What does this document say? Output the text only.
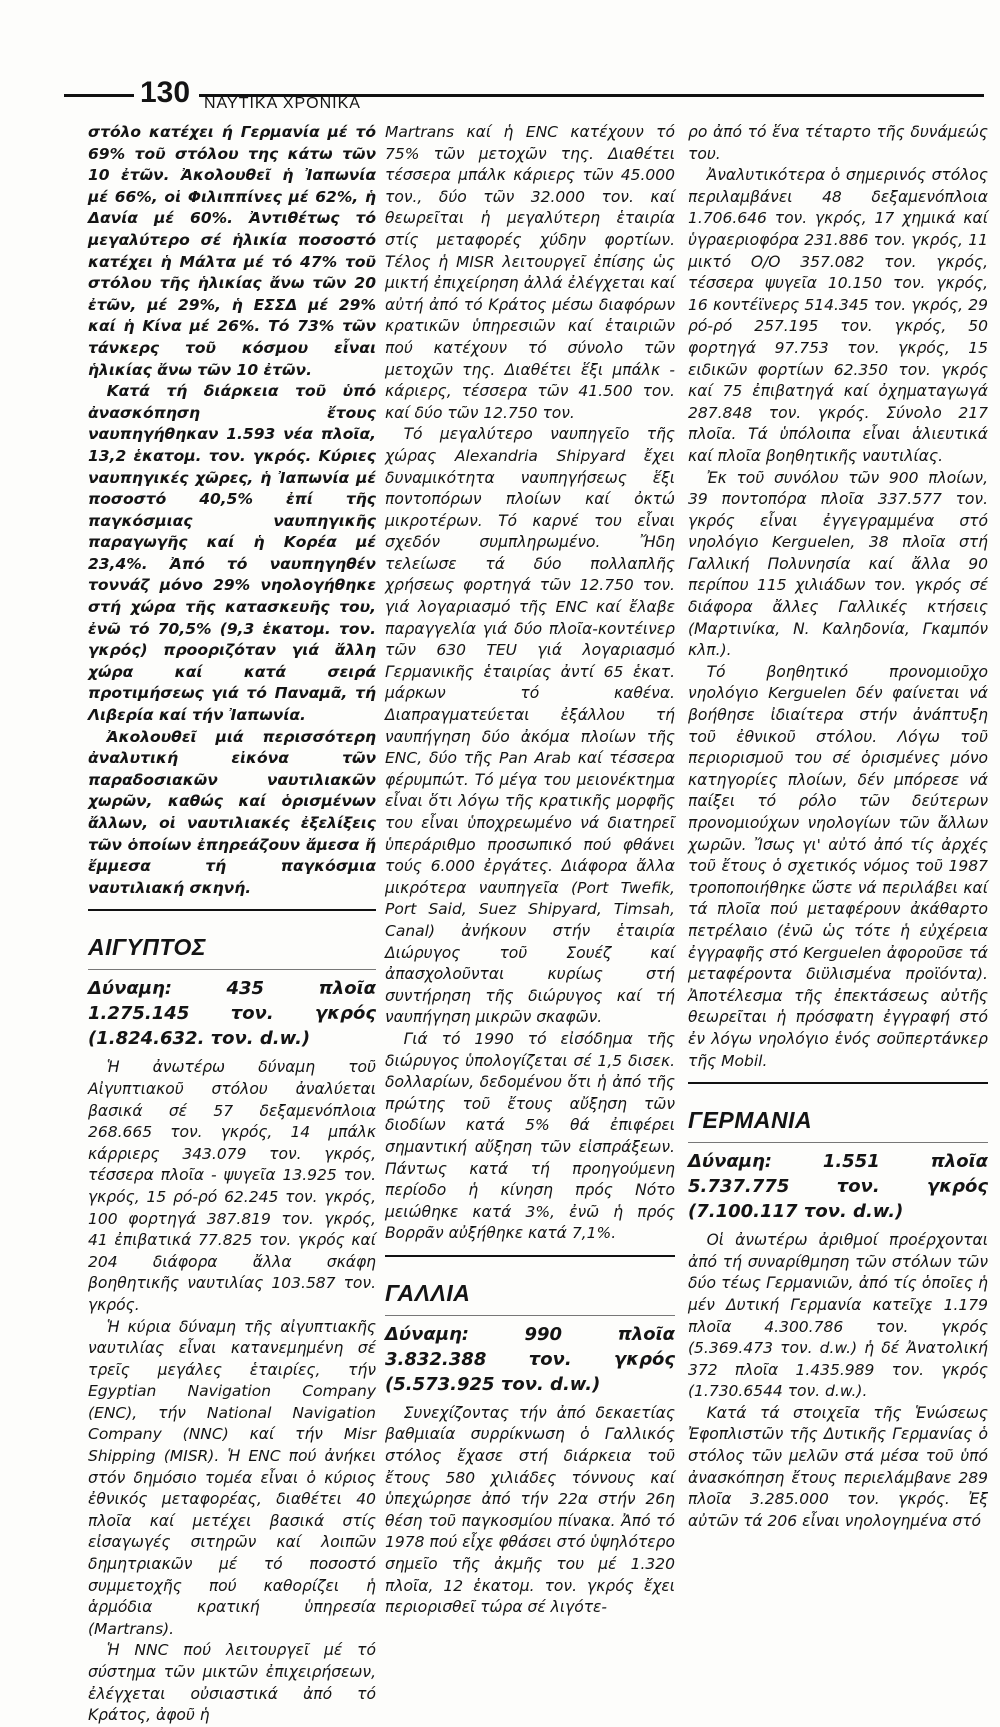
130 ΝΑΥΤΙΚΑ ΧΡΟΝΙΚΑ

στόλο κατέχει ή Γερμανία μέ τό 69% τοῦ στόλου της κάτω τῶν 10 ἐτῶν. Ἀκολουθεῖ ἡ Ἰαπωνία μέ 66%, οἱ Φιλιππίνες μέ 62%, ἡ Δανία μέ 60%. Ἀντιθέτως τό μεγαλύτερο σέ ἡλικία ποσοστό κατέχει ἡ Μάλτα μέ τό 47% τοῦ στόλου τῆς ἡλικίας ἄνω τῶν 20 ἐτῶν, μέ 29%, ἡ ΕΣΣΔ μέ 29% καί ἡ Κίνα μέ 26%. Τό 73% τῶν τάνκερς τοῦ κόσμου εἶναι ἡλικίας ἄνω τῶν 10 ἐτῶν.

Κατά τή διάρκεια τοῦ ὑπό ἀνασκόπηση ἔτους ναυπηγήθηκαν 1.593 νέα πλοῖα, 13,2 ἑκατομ. τον. γκρός. Κύριες ναυπηγικές χῶρες, ἡ Ἰαπωνία μέ ποσοστό 40,5% ἐπί τῆς παγκόσμιας ναυπηγικῆς παραγωγῆς καί ἡ Κορέα μέ 23,4%. Ἀπό τό ναυπηγηθέν τοννάζ μόνο 29% νηολογήθηκε στή χώρα τῆς κατασκευῆς του, ἐνῶ τό 70,5% (9,3 ἑκατομ. τον. γκρός) προοριζόταν γιά ἄλλη χώρα καί κατά σειρά προτιμήσεως γιά τό Παναμᾶ, τή Λιβερία καί τήν Ἰαπωνία.

Ἀκολουθεῖ μιά περισσότερη ἀναλυτική εἰκόνα τῶν παραδοσιακῶν ναυτιλιακῶν χωρῶν, καθώς καί ὁρισμένων ἄλλων, οἱ ναυτιλιακές ἐξελίξεις τῶν ὁποίων ἐπηρεάζουν ἄμεσα ἤ ἔμμεσα τή παγκόσμια ναυτιλιακή σκηνή.

ΑΙΓΥΠΤΟΣ
Δύναμη: 435 πλοῖα 1.275.145 τον. γκρός (1.824.632. τον. d.w.)

Ἡ ἀνωτέρω δύναμη τοῦ Αἰγυπτιακοῦ στόλου ἀναλύεται βασικά σέ 57 δεξαμενόπλοια 268.665 τον. γκρός, 14 μπάλκ κάρριερς 343.079 τον. γκρός, τέσσερα πλοῖα - ψυγεῖα 13.925 τον. γκρός, 15 ρό-ρό 62.245 τον. γκρός, 100 φορτηγά 387.819 τον. γκρός, 41 ἐπιβατικά 77.825 τον. γκρός καί 204 διάφορα ἄλλα σκάφη βοηθητικῆς ναυτιλίας 103.587 τον. γκρός.

Ἡ κύρια δύναμη τῆς αἰγυπτιακῆς ναυτιλίας εἶναι κατανεμημένη σέ τρεῖς μεγάλες ἑταιρίες, τήν Egyptian Navigation Company (ENC), τήν National Navigation Company (NNC) καί τήν Misr Shipping (MISR). Ἡ ENC πού ἀνήκει στόν δημόσιο τομέα εἶναι ὁ κύριος ἐθνικός μεταφορέας, διαθέτει 40 πλοῖα καί μετέχει βασικά στίς εἰσαγωγές σιτηρῶν καί λοιπῶν δημητριακῶν μέ τό ποσοστό συμμετοχῆς πού καθορίζει ἡ ἁρμόδια κρατική ὑπηρεσία (Martrans).

Ἡ NNC πού λειτουργεῖ μέ τό σύστημα τῶν μικτῶν ἐπιχειρήσεων, ἐλέγχεται οὐσιαστικά ἀπό τό Κράτος, ἀφοῦ ἡ

Martrans καί ἡ ENC κατέχουν τό 75% τῶν μετοχῶν της. Διαθέτει τέσσερα μπάλκ κάριερς τῶν 45.000 τον., δύο τῶν 32.000 τον. καί θεωρεῖται ἡ μεγαλύτερη ἑταιρία στίς μεταφορές χύδην φορτίων. Τέλος ἡ MISR λειτουργεῖ ἐπίσης ὡς μικτή ἐπιχείρηση ἀλλά ἐλέγχεται καί αὐτή ἀπό τό Κράτος μέσω διαφόρων κρατικῶν ὑπηρεσιῶν καί ἑταιριῶν πού κατέχουν τό σύνολο τῶν μετοχῶν της. Διαθέτει ἕξι μπάλκ - κάριερς, τέσσερα τῶν 41.500 τον. καί δύο τῶν 12.750 τον.

Τό μεγαλύτερο ναυπηγεῖο τῆς χώρας Alexandria Shipyard ἔχει δυναμικότητα ναυπηγήσεως ἕξι ποντοπόρων πλοίων καί ὀκτώ μικροτέρων. Τό καρνέ του εἶναι σχεδόν συμπληρωμένο. Ἤδη τελείωσε τά δύο πολλαπλῆς χρήσεως φορτηγά τῶν 12.750 τον. γιά λογαριασμό τῆς ENC καί ἔλαβε παραγγελία γιά δύο πλοῖα-κοντέινερ τῶν 630 TEU γιά λογαριασμό Γερμανικῆς ἑταιρίας ἀντί 65 ἑκατ. μάρκων τό καθένα. Διαπραγματεύεται ἐξάλλου τή ναυπήγηση δύο ἀκόμα πλοίων τῆς ENC, δύο τῆς Pan Arab καί τέσσερα φέρυμπώτ. Τό μέγα του μειονέκτημα εἶναι ὅτι λόγω τῆς κρατικῆς μορφῆς του εἶναι ὑποχρεωμένο νά διατηρεῖ ὑπεράριθμο προσωπικό πού φθάνει τούς 6.000 ἐργάτες. Διάφορα ἄλλα μικρότερα ναυπηγεῖα (Port Twefik, Port Said, Suez Shipyard, Timsah, Canal) ἀνήκουν στήν ἑταιρία Διώρυγος τοῦ Σουέζ καί ἀπασχολοῦνται κυρίως στή συντήρηση τῆς διώρυγος καί τή ναυπήγηση μικρῶν σκαφῶν.

Γιά τό 1990 τό εἰσόδημα τῆς διώρυγος ὑπολογίζεται σέ 1,5 δισεκ. δολλαρίων, δεδομένου ὅτι ἡ ἀπό τῆς πρώτης τοῦ ἔτους αὔξηση τῶν διοδίων κατά 5% θά ἐπιφέρει σημαντική αὔξηση τῶν εἰσπράξεων. Πάντως κατά τή προηγούμενη περίοδο ἡ κίνηση πρός Νότο μειώθηκε κατά 3%, ἐνῶ ἡ πρός Βορρᾶν αὐξήθηκε κατά 7,1%.

ΓΑΛΛΙΑ
Δύναμη: 990 πλοῖα 3.832.388 τον. γκρός (5.573.925 τον. d.w.)

Συνεχίζοντας τήν ἀπό δεκαετίας βαθμιαία συρρίκνωση ὁ Γαλλικός στόλος ἔχασε στή διάρκεια τοῦ ἔτους 580 χιλιάδες τόννους καί ὑπεχώρησε ἀπό τήν 22α στήν 26η θέση τοῦ παγκοσμίου πίνακα. Ἀπό τό 1978 πού εἶχε φθάσει στό ὑψηλότερο σημεῖο τῆς ἀκμῆς του μέ 1.320 πλοῖα, 12 ἑκατομ. τον. γκρός ἔχει περιορισθεῖ τώρα σέ λιγότε-

ρο ἀπό τό ἕνα τέταρτο τῆς δυνάμεώς του.

Ἀναλυτικότερα ὁ σημερινός στόλος περιλαμβάνει 48 δεξαμενόπλοια 1.706.646 τον. γκρός, 17 χημικά καί ὑγραεριοφόρα 231.886 τον. γκρός, 11 μικτό Ο/Ο 357.082 τον. γκρός, τέσσερα ψυγεῖα 10.150 τον. γκρός, 16 κοντέϊνερς 514.345 τον. γκρός, 29 ρό-ρό 257.195 τον. γκρός, 50 φορτηγά 97.753 τον. γκρός, 15 ειδικῶν φορτίων 62.350 τον. γκρός καί 75 ἐπιβατηγά καί ὀχηματαγωγά 287.848 τον. γκρός. Σύνολο 217 πλοῖα. Τά ὑπόλοιπα εἶναι ἁλιευτικά καί πλοῖα βοηθητικῆς ναυτιλίας.

Ἐκ τοῦ συνόλου τῶν 900 πλοίων, 39 ποντοπόρα πλοῖα 337.577 τον. γκρός εἶναι ἐγγεγραμμένα στό νηολόγιο Kerguelen, 38 πλοῖα στή Γαλλική Πολυνησία καί ἄλλα 90 περίπου 115 χιλιάδων τον. γκρός σέ διάφορα ἄλλες Γαλλικές κτήσεις (Μαρτινίκα, Ν. Καληδονία, Γκαμπόν κλπ.).

Τό βοηθητικό προνομιοῦχο νηολόγιο Kerguelen δέν φαίνεται νά βοήθησε ἰδιαίτερα στήν ἀνάπτυξη τοῦ ἐθνικοῦ στόλου. Λόγω τοῦ περιορισμοῦ του σέ ὁρισμένες μόνο κατηγορίες πλοίων, δέν μπόρεσε νά παίξει τό ρόλο τῶν δεύτερων προνομιούχων νηολογίων τῶν ἄλλων χωρῶν. Ἴσως γι' αὐτό ἀπό τίς ἀρχές τοῦ ἔτους ὁ σχετικός νόμος τοῦ 1987 τροποποιήθηκε ὥστε νά περιλάβει καί τά πλοῖα πού μεταφέρουν ἀκάθαρτο πετρέλαιο (ἐνῶ ὡς τότε ἡ εὐχέρεια ἐγγραφῆς στό Kerguelen ἀφοροῦσε τά μεταφέροντα διϋλισμένα προϊόντα). Ἀποτέλεσμα τῆς ἐπεκτάσεως αὐτῆς θεωρεῖται ἡ πρόσφατη ἐγγραφή στό ἐν λόγω νηολόγιο ἑνός σοῦπερτάνκερ τῆς Mobil.

ΓΕΡΜΑΝΙΑ
Δύναμη: 1.551 πλοῖα 5.737.775 τον. γκρός (7.100.117 τον. d.w.)

Οἱ ἀνωτέρω ἀριθμοί προέρχονται ἀπό τή συναρίθμηση τῶν στόλων τῶν δύο τέως Γερμανιῶν, ἀπό τίς ὁποῖες ἡ μέν Δυτική Γερμανία κατεῖχε 1.179 πλοῖα 4.300.786 τον. γκρός (5.369.473 τον. d.w.) ἡ δέ Ἀνατολική 372 πλοῖα 1.435.989 τον. γκρός (1.730.6544 τον. d.w.).

Κατά τά στοιχεῖα τῆς Ἑνώσεως Ἐφοπλιστῶν τῆς Δυτικῆς Γερμανίας ὁ στόλος τῶν μελῶν στά μέσα τοῦ ὑπό ἀνασκόπηση ἔτους περιελάμβανε 289 πλοῖα 3.285.000 τον. γκρός. Ἐξ αὐτῶν τά 206 εἶναι νηολογημένα στό
